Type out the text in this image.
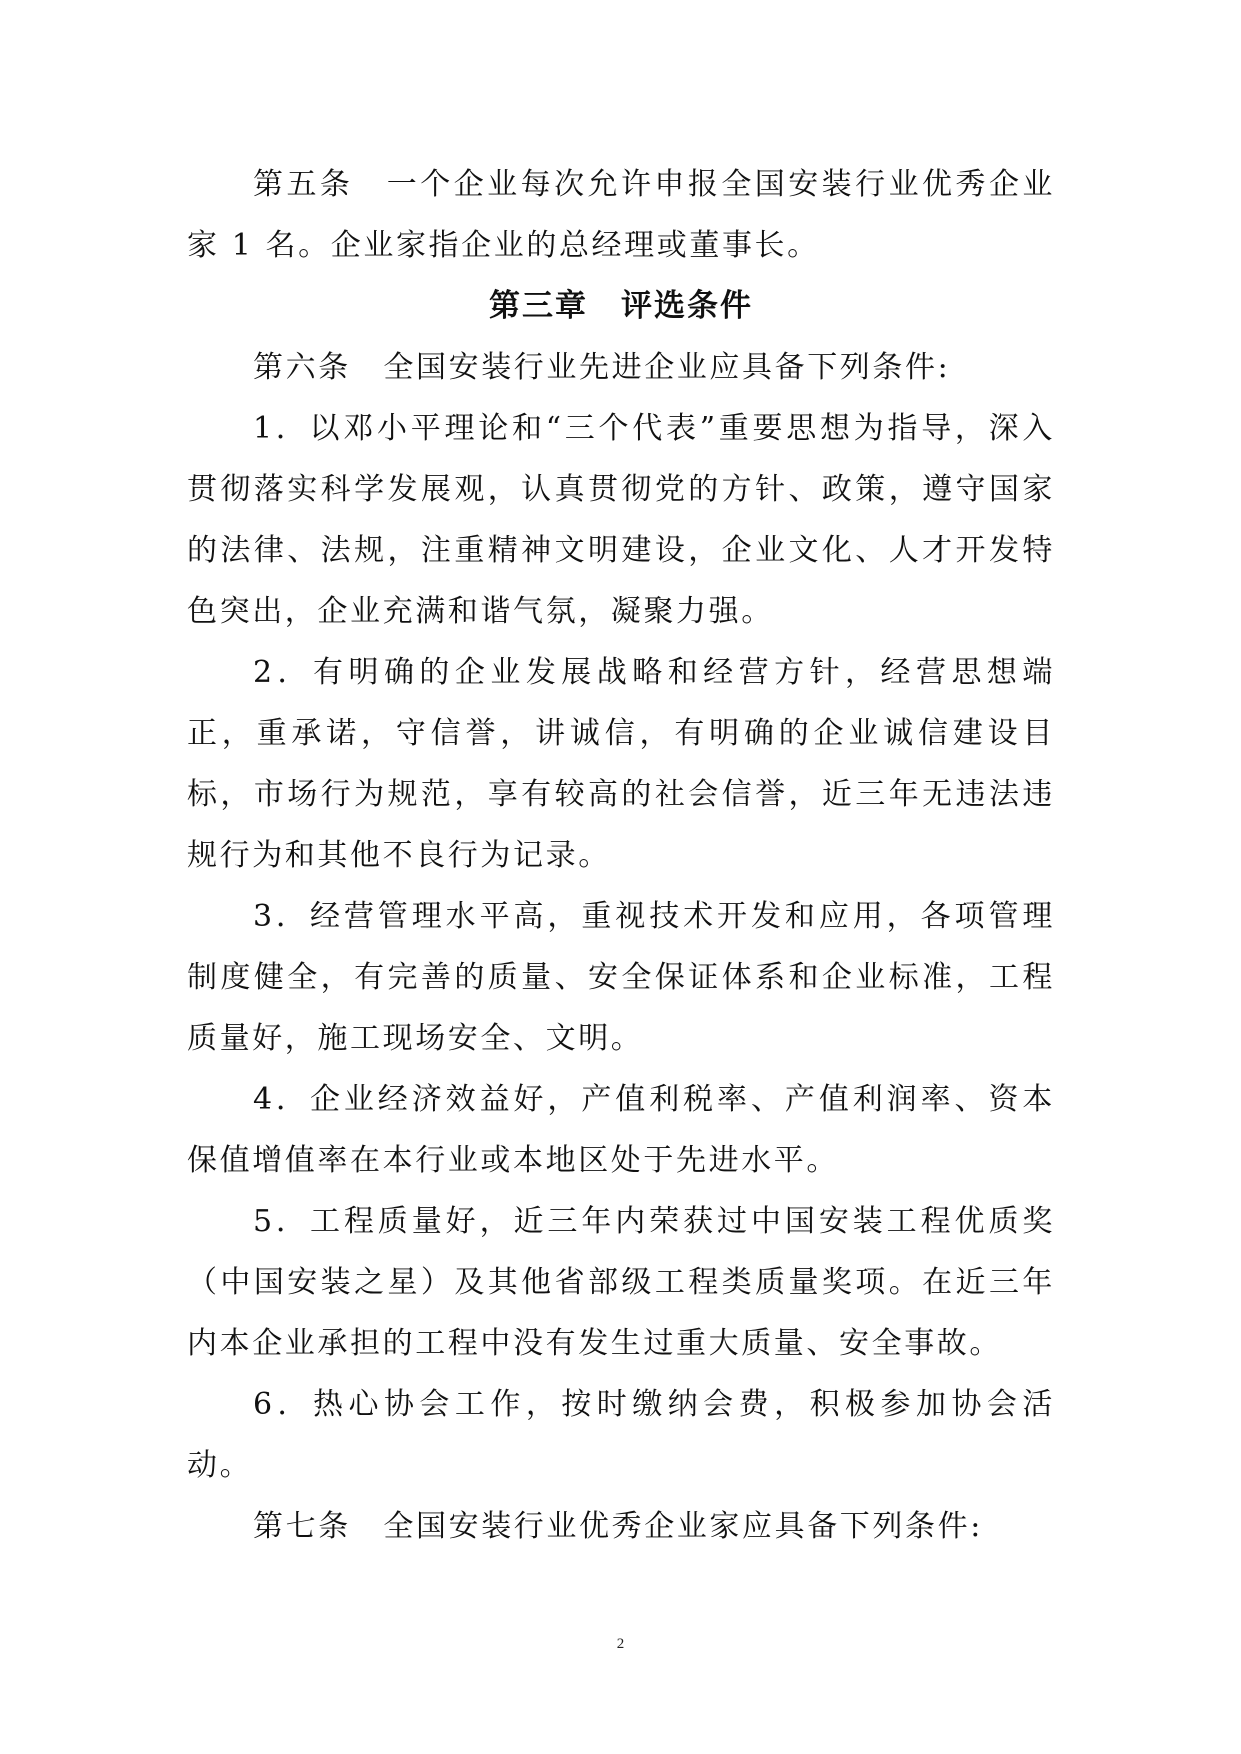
第五条　一个企业每次允许申报全国安装行业优秀企业家 1 名。企业家指企业的总经理或董事长。

第三章　评选条件

第六条　全国安装行业先进企业应具备下列条件:

1．以邓小平理论和“三个代表”重要思想为指导，深入贯彻落实科学发展观，认真贯彻党的方针、政策，遵守国家的法律、法规，注重精神文明建设，企业文化、人才开发特色突出，企业充满和谐气氛，凝聚力强。

2．有明确的企业发展战略和经营方针，经营思想端正，重承诺，守信誉，讲诚信，有明确的企业诚信建设目标，市场行为规范，享有较高的社会信誉，近三年无违法违规行为和其他不良行为记录。

3．经营管理水平高，重视技术开发和应用，各项管理制度健全，有完善的质量、安全保证体系和企业标准，工程质量好，施工现场安全、文明。

4．企业经济效益好，产值利税率、产值利润率、资本保值增值率在本行业或本地区处于先进水平。

5．工程质量好，近三年内荣获过中国安装工程优质奖（中国安装之星）及其他省部级工程类质量奖项。在近三年内本企业承担的工程中没有发生过重大质量、安全事故。

6．热心协会工作，按时缴纳会费，积极参加协会活动。

第七条　全国安装行业优秀企业家应具备下列条件:

2
